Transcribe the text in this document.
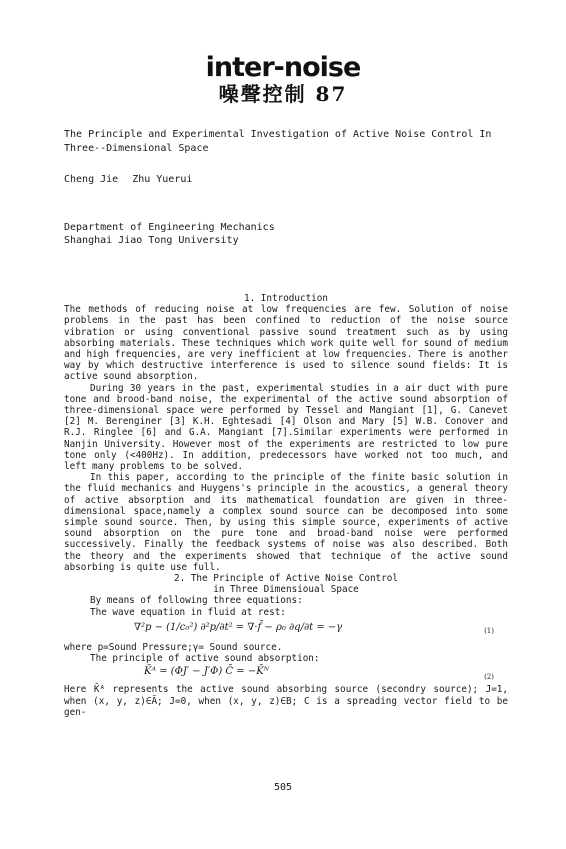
inter-noise
噪聲控制 87
The Principle and Experimental Investigation of Active Noise Control In Three--Dimensional Space
Cheng Jie Zhu Yuerui
Department of Engineering Mechanics
Shanghai Jiao Tong University

1. Introduction

The methods of reducing noise at low frequencies are few. Solution of noise problems in the past has been confined to reduction of the noise source vibration or using conventional passive sound treatment such as by using absorbing materials. These techniques which work quite well for sound of medium and high frequencies, are very inefficient at low frequencies. There is another way by which destructive interference is used to silence sound fields: It is active sound absorption.

During 30 years in the past, experimental studies in a air duct with pure tone and brood-band noise, the experimental of the active sound absorption of three-dimensional space were performed by Tessel and Mangiant [1], G. Canevet [2] M. Berenginer [3] K.H. Eghtesadi [4] Olson and Mary [5] W.B. Conover and R.J. Ringlee [6] and G.A. Mangiant [7].Similar experiments were performed in Nanjin University. However most of the experiments are restricted to low pure tone only (<400Hz). In addition, predecessors have worked not too much, and left many problems to be solved.

In this paper, according to the principle of the finite basic solution in the fluid mechanics and Huygens's principle in the acoustics, a general theory of active absorption and its mathematical foundation are given in three-dimensional space,namely a complex sound source can be decomposed into some simple sound source. Then, by using this simple source, experiments of active sound absorption on the pure tone and broad-band noise were performed successively. Finally the feedback systems of noise was also described. Both the theory and the experiments showed that technique of the active sound absorbing is quite use full.

2. The Principle of Active Noise Control

in Three Dimensioual Space

By means of following three equations:

The wave equation in fluid at rest:

∇²p − (1/c₀²) ∂²p/∂t² = ∇·f̄ − ρ₀ ∂q/∂t = −γ	(1)

where p=Sound Pressure;γ= Sound source.

The principle of active sound absorption:

K̄ᴬ = (ΦJ′ − J′Φ) C̄ = −K̄ᴺ	(2)

Here K̄ᴬ represents the active sound absorbing source (secondry source); J=1, when (x, y, z)∈Ā; J=0, when (x, y, z)∈B; C is a spreading vector field to be gen-

505
